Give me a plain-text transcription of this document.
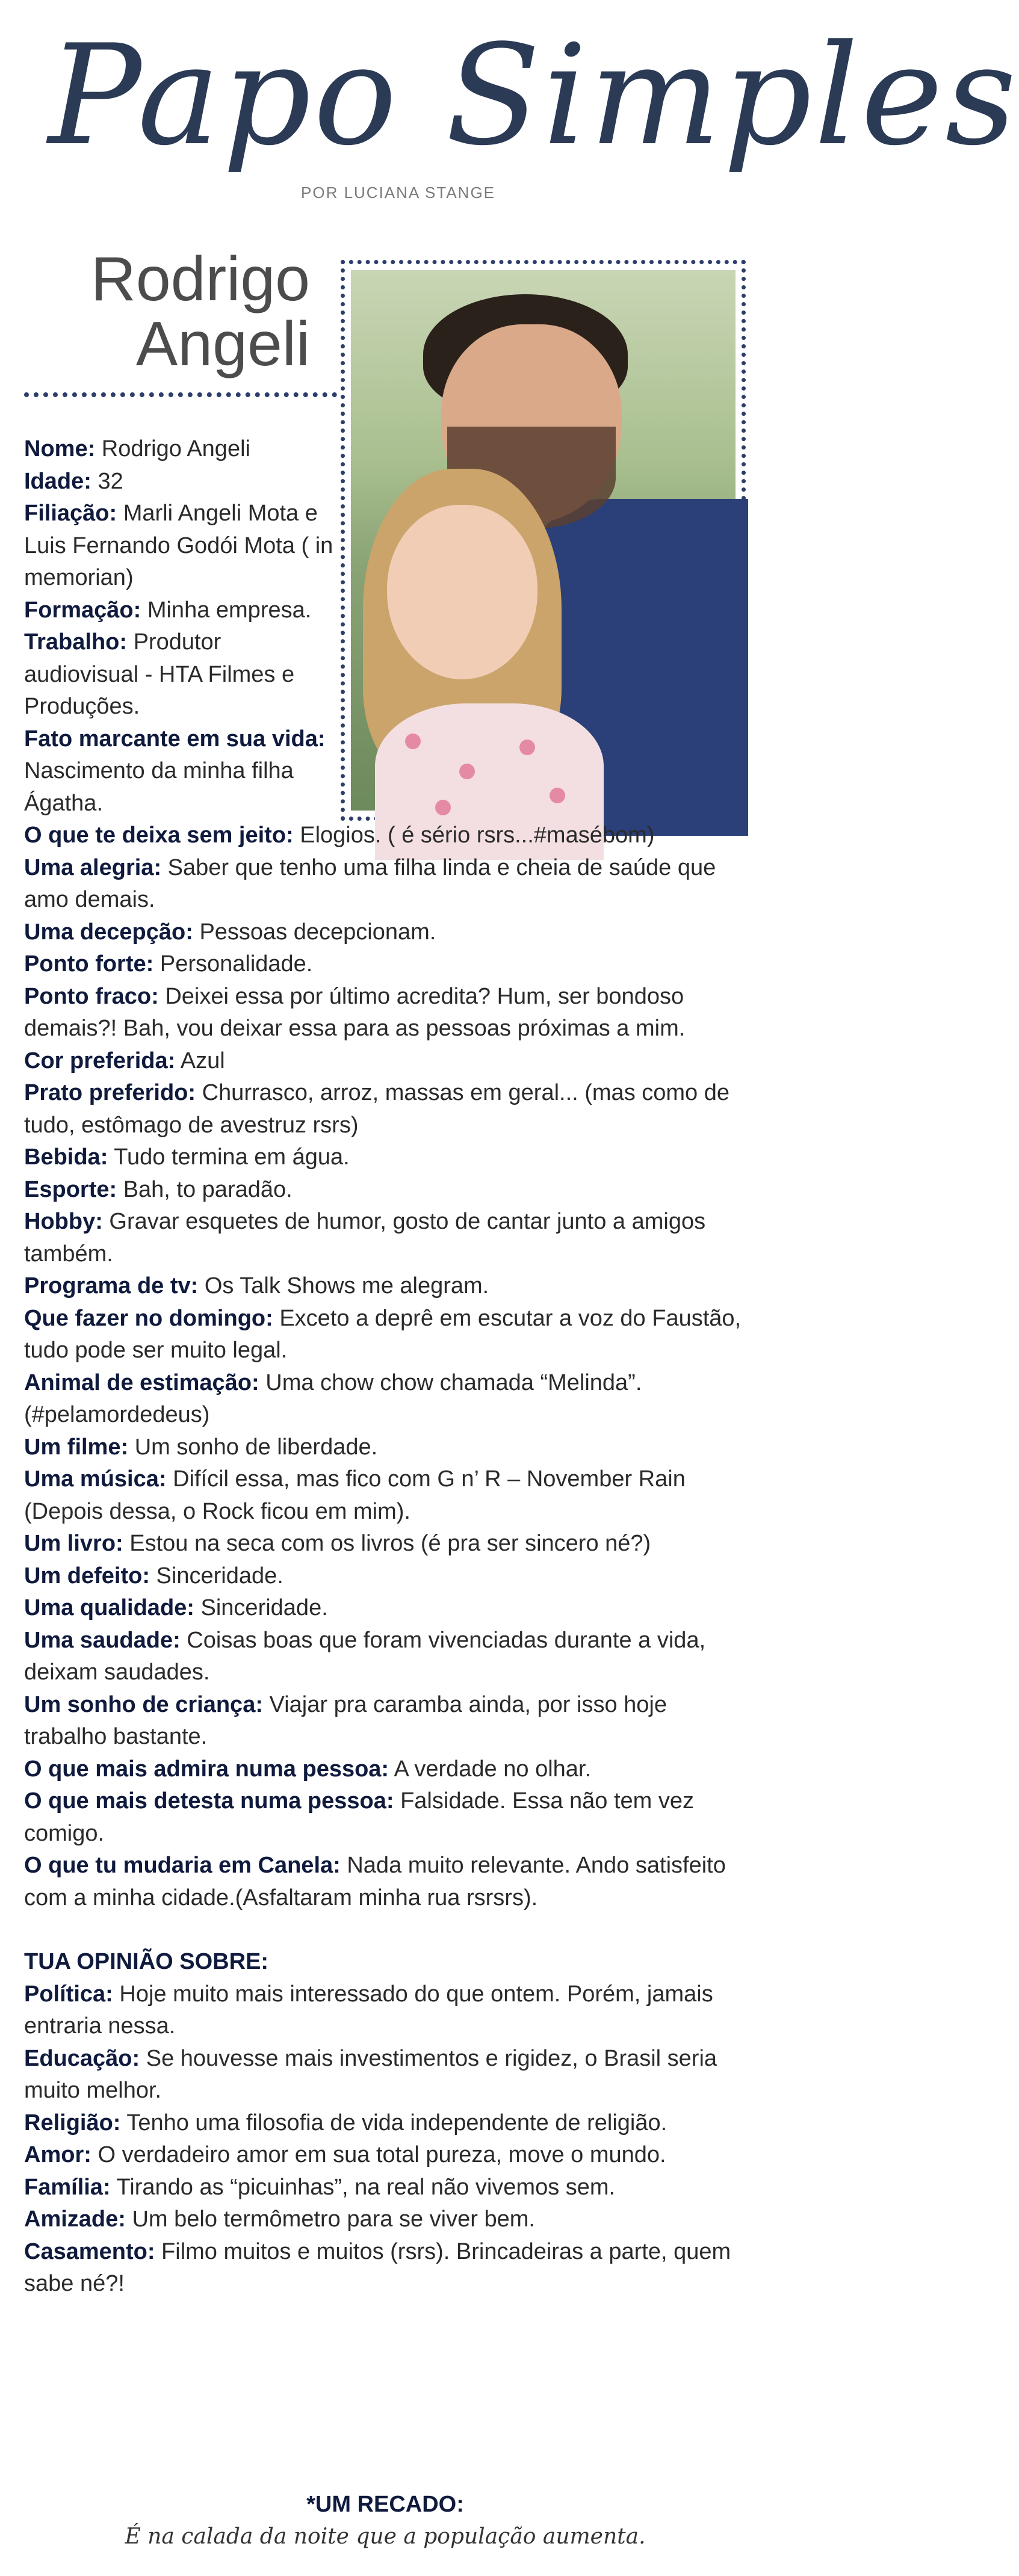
Papo Simples
POR LUCIANA STANGE
Rodrigo
Angeli
Nome: Rodrigo Angeli
Idade: 32
Filiação: Marli Angeli Mota e Luis Fernando Godói Mota ( in memorian)
Formação: Minha empresa.
Trabalho: Produtor audiovisual - HTA Filmes e Produções.
Fato marcante em sua vida: Nascimento da minha filha Ágatha.
O que te deixa sem jeito: Elogios. ( é sério rsrs...#masébom)
Uma alegria: Saber que tenho uma filha linda e cheia de saúde que amo demais.
Uma decepção: Pessoas decepcionam.
Ponto forte: Personalidade.
Ponto fraco: Deixei essa por último acredita? Hum, ser bondoso demais?! Bah, vou deixar essa para as pessoas próximas a mim.
Cor preferida: Azul
Prato preferido: Churrasco, arroz, massas em geral... (mas como de tudo, estômago de avestruz rsrs)
Bebida: Tudo termina em água.
Esporte: Bah, to paradão.
Hobby: Gravar esquetes de humor, gosto de cantar junto a amigos também.
Programa de tv: Os Talk Shows me alegram.
Que fazer no domingo: Exceto a deprê em escutar a voz do Faustão, tudo pode ser muito legal.
Animal de estimação: Uma chow chow chamada “Melinda”. (#pelamordedeus)
Um filme: Um sonho de liberdade.
Uma música: Difícil essa, mas fico com G n’ R – November Rain (Depois dessa, o Rock ficou em mim).
Um livro: Estou na seca com os livros (é pra ser sincero né?)
Um defeito: Sinceridade.
Uma qualidade: Sinceridade.
Uma saudade: Coisas boas que foram vivenciadas durante a vida, deixam saudades.
Um sonho de criança: Viajar pra caramba ainda, por isso hoje trabalho bastante.
O que mais admira numa pessoa: A verdade no olhar.
O que mais detesta numa pessoa: Falsidade. Essa não tem vez comigo.
O que tu mudaria em Canela: Nada muito relevante. Ando satisfeito com a minha cidade.(Asfaltaram minha rua rsrsrs).
TUA OPINIÃO SOBRE:
Política: Hoje muito mais interessado do que ontem. Porém, jamais entraria nessa.
Educação: Se houvesse mais investimentos e rigidez, o Brasil seria muito melhor.
Religião: Tenho uma filosofia de vida independente de religião.
Amor: O verdadeiro amor em sua total pureza, move o mundo.
Família: Tirando as “picuinhas”, na real não vivemos sem.
Amizade: Um belo termômetro para se viver bem.
Casamento: Filmo muitos e muitos (rsrs). Brincadeiras a parte, quem sabe né?!
*UM RECADO:
É na calada da noite que a população aumenta.
